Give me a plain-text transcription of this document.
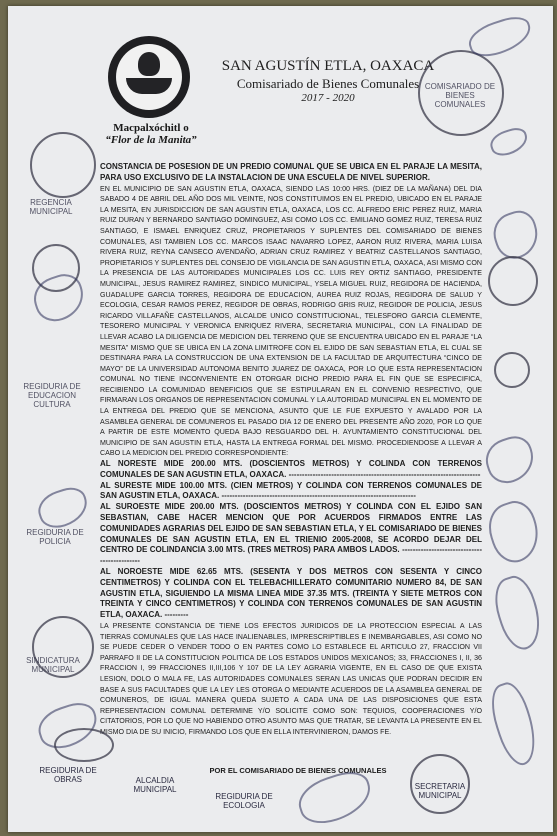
Macpalxóchitl o
“Flor de la Manita”
SAN AGUSTÍN ETLA, OAXACA
Comisariado de Bienes Comunales
2017 - 2020
COMISARIADO DE BIENES COMUNALES
REGENCIA MUNICIPAL
REGIDURIA DE EDUCACION CULTURA
REGIDURIA DE POLICIA
SINDICATURA MUNICIPAL

CONSTANCIA DE POSESION DE UN PREDIO COMUNAL QUE SE UBICA EN EL PARAJE LA MESITA, PARA USO EXCLUSIVO DE LA INSTALACION DE UNA ESCUELA DE NIVEL SUPERIOR.

EN EL MUNICIPIO DE SAN AGUSTIN ETLA, OAXACA, SIENDO LAS 10:00 HRS. (DIEZ DE LA MAÑANA) DEL DIA SABADO 4 DE ABRIL DEL AÑO DOS MIL VEINTE, NOS CONSTITUIMOS EN EL PREDIO, UBICADO EN EL PARAJE LA MESITA, EN JURISDICCION DE SAN AGUSTIN ETLA, OAXACA, LOS CC. ALFREDO ERIC PEREZ RUIZ, MARIA RUIZ DURAN Y BERNARDO SANTIAGO DOMINGUEZ, ASI COMO LOS CC. EMILIANO GOMEZ RUIZ, TERESA RUIZ SANTIAGO, E ISMAEL ENRIQUEZ CRUZ, PROPIETARIOS Y SUPLENTES DEL COMISARIADO DE BIENES COMUNALES, ASI TAMBIEN LOS CC. MARCOS ISAAC NAVARRO LOPEZ, AARON RUIZ RIVERA, MARIA LUISA RIVERA RUIZ, REYNA CANSECO AVENDAÑO, ADRIAN CRUZ RAMIREZ Y BEATRIZ CASTELLANOS SANTIAGO, PROPIETARIOS Y SUPLENTES DEL CONSEJO DE VIGILANCIA DE SAN AGUSTIN ETLA, OAXACA, ASI MISMO CON LA PRESENCIA DE LAS AUTORIDADES MUNICIPALES LOS CC. LUIS REY ORTIZ SANTIAGO, PRESIDENTE MUNICIPAL, JESUS RAMIREZ RAMIREZ, SINDICO MUNICIPAL, YSELA MIGUEL RUIZ, REGIDORA DE HACIENDA, GUADALUPE GARCIA TORRES, REGIDORA DE EDUCACION, AUREA RUIZ ROJAS, REGIDORA DE SALUD Y ECOLOGIA, CESAR RAMOS PEREZ, REGIDOR DE OBRAS, RODRIGO GRIS RUIZ, REGIDOR DE POLICIA, JESUS RICARDO VILLAFAÑE CASTELLANOS, ALCALDE UNICO CONSTITUCIONAL, TELESFORO GARCIA CLEMENTE, TESORERO MUNICIPAL Y VERONICA ENRIQUEZ RIVERA, SECRETARIA MUNICIPAL, CON LA FINALIDAD DE LLEVAR ACABO LA DILIGENCIA DE MEDICION DEL TERRENO QUE SE ENCUENTRA UBICADO EN EL PARAJE “LA MESITA” MISMO QUE SE UBICA EN LA ZONA LIMITROFE CON EL EJIDO DE SAN SEBASTIAN ETLA, EL CUAL SE DESTINARA PARA LA CONSTRUCCION DE UNA EXTENSION DE LA FACULTAD DE ARQUITECTURA “CINCO DE MAYO” DE LA UNIVERSIDAD AUTONOMA BENITO JUAREZ DE OAXACA, POR LO QUE ESTA REPRESENTACION COMUNAL NO TIENE INCONVENIENTE EN OTORGAR DICHO PREDIO PARA EL FIN QUE SE ESPECIFICA, RECIBIENDO LA COMUNIDAD BENEFICIOS QUE SE ESTIPULARAN EN EL CONVENIO RESPECTIVO, QUE FIRMARAN LOS ORGANOS DE REPRESENTACION COMUNAL Y LA AUTORIDAD MUNICIPAL EN EL MOMENTO DE LA ENTREGA DEL PREDIO QUE SE MENCIONA, ASUNTO QUE LE FUE EXPUESTO Y AVALADO POR LA ASAMBLEA GENERAL DE COMUNEROS EL PASADO DIA 12 DE ENERO DEL PRESENTE AÑO 2020, POR LO QUE A PARTIR DE ESTE MOMENTO QUEDA BAJO RESGUARDO DEL H. AYUNTAMIENTO CONSTITUCIONAL DEL MUNICIPIO DE SAN AGUSTIN ETLA, HASTA LA ENTREGA FORMAL DEL MISMO. PROCEDIENDOSE A LLEVAR A CABO LA MEDICION DEL PREDIO CORRESPONDIENTE:

AL NORESTE MIDE 200.00 MTS. (DOSCIENTOS METROS) Y COLINDA CON TERRENOS COMUNALES DE SAN AGUSTIN ETLA, OAXACA. ------------------------------------------------------------------------

AL SURESTE MIDE 100.00 MTS. (CIEN METROS) Y COLINDA CON TERRENOS COMUNALES DE SAN AGUSTIN ETLA, OAXACA. -------------------------------------------------------------------------

AL SUROESTE MIDE 200.00 MTS. (DOSCIENTOS METROS) Y COLINDA CON EL EJIDO SAN SEBASTIAN, CABE HACER MENCION QUE POR ACUERDOS FIRMADOS ENTRE LAS COMUNIDADES AGRARIAS DEL EJIDO DE SAN SEBASTIAN ETLA, Y EL COMISARIADO DE BIENES COMUNALES DE SAN AGUSTIN ETLA, EN EL TRIENIO 2005-2008, SE ACORDO DEJAR DEL CENTRO DE COLINDANCIA 3.00 MTS. (TRES METROS) PARA AMBOS LADOS. ---------------------------------------------

AL NOROESTE MIDE 62.65 MTS. (SESENTA Y DOS METROS CON SESENTA Y CINCO CENTIMETROS) Y COLINDA CON EL TELEBACHILLERATO COMUNITARIO NUMERO 84, DE SAN AGUSTIN ETLA, SIGUIENDO LA MISMA LINEA MIDE 37.35 MTS. (TREINTA Y SIETE METROS CON TREINTA Y CINCO CENTIMETROS) Y COLINDA CON TERRENOS COMUNALES DE SAN AGUSTIN ETLA, OAXACA. ---------

LA PRESENTE CONSTANCIA DE TIENE LOS EFECTOS JURIDICOS DE LA PROTECCION ESPECIAL A LAS TIERRAS COMUNALES QUE LAS HACE INALIENABLES, IMPRESCRIPTIBLES E INEMBARGABLES, ASI COMO NO SE PUEDE CEDER O VENDER TODO O EN PARTES COMO LO ESTABLECE EL ARTICULO 27, FRACCION VII PARRAFO II DE LA CONSTITUCION POLITICA DE LOS ESTADOS UNIDOS MEXICANOS; 33, FRACCIONES I, II, 36 FRACCION I, 99 FRACCIONES II,III,106 Y 107 DE LA LEY AGRARIA VIGENTE, EN EL CASO DE QUE EXISTA LESION, DOLO O MALA FE, LAS AUTORIDADES COMUNALES SERAN LAS UNICAS QUE PODRAN DECIDIR EN BASE A SUS FACULTADES QUE LA LEY LES OTORGA O MEDIANTE ACUERDOS DE LA ASAMBLEA GENERAL DE COMUNEROS, DE IGUAL MANERA QUEDA SUJETO A CADA UNA DE LAS DISPOSICIONES QUE ESTA REPRESENTACION COMUNAL DETERMINE Y/O SOLICITE COMO SON: TEQUIOS, COOPERACIONES Y/O CITATORIOS, POR LO QUE NO HABIENDO OTRO ASUNTO MAS QUE TRATAR, SE LEVANTA LA PRESENTE EN EL MISMO DIA DE SU INICIO, FIRMANDO LOS QUE EN ELLA INTERVINIERON, DAMOS FE.

POR EL COMISARIADO DE BIENES COMUNALES
REGIDURIA DE OBRAS	ALCALDIA MUNICIPAL
REGIDURIA DE ECOLOGIA
SECRETARIA MUNICIPAL
